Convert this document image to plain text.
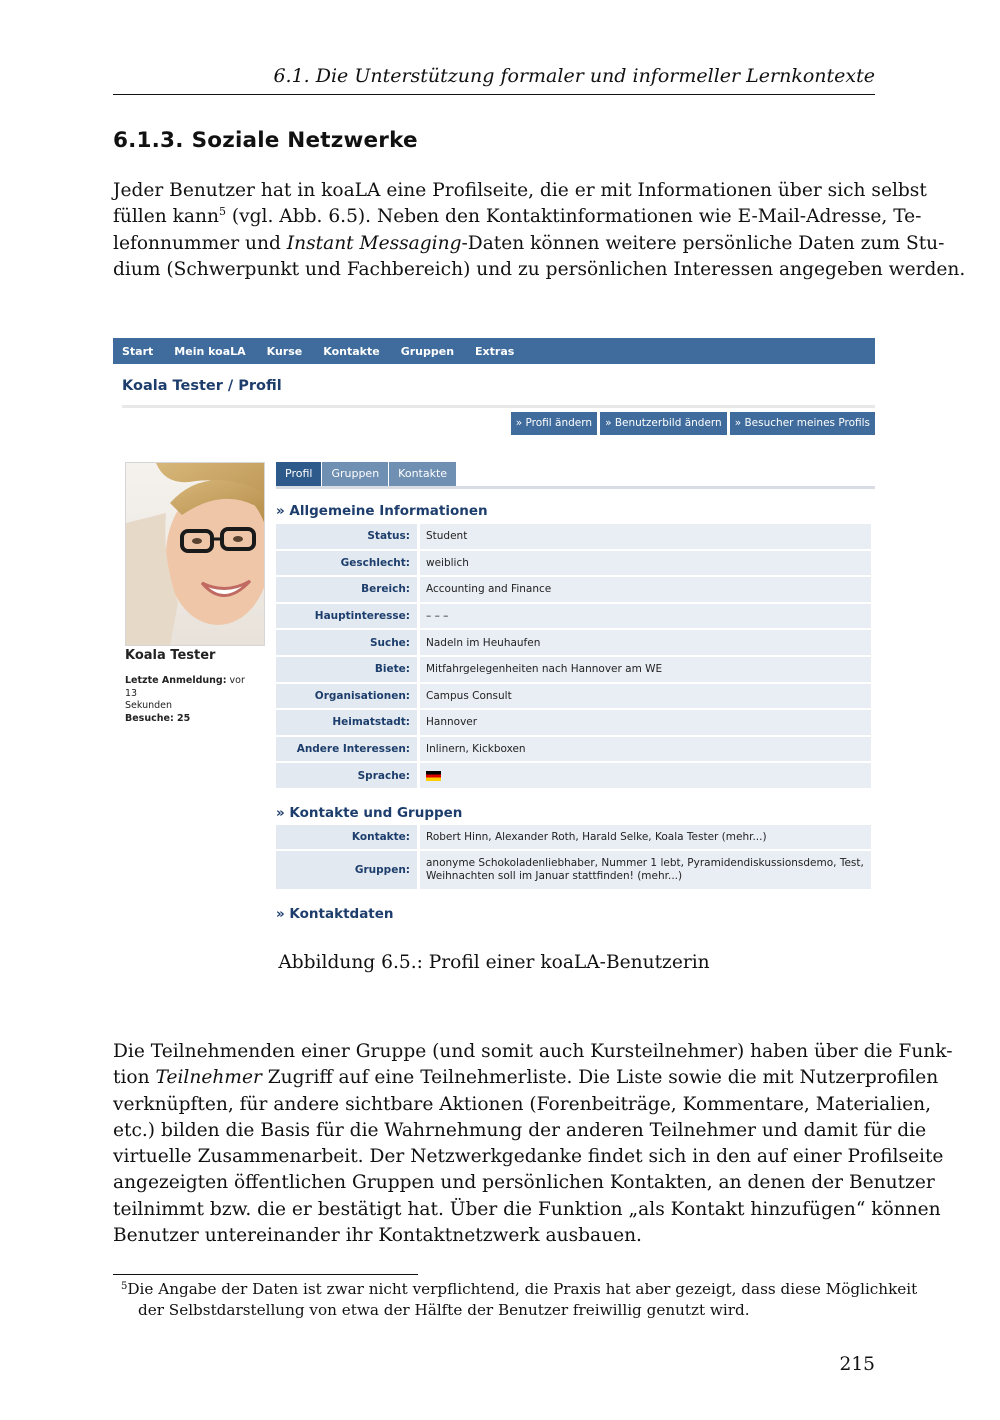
6.1. Die Unterstützung formaler und informeller Lernkontexte
6.1.3. Soziale Netzwerke

Jeder Benutzer hat in koaLA eine Profilseite, die er mit Informationen über sich selbst
füllen kann$^5$ (vgl. Abb. 6.5). Neben den Kontaktinformationen wie E-Mail-Adresse, Te-
lefonnummer und Instant Messaging-Daten können weitere persönliche Daten zum Stu-
dium (Schwerpunkt und Fachbereich) und zu persönlichen Interessen angegeben werden.

Start Mein koaLA Kurse Kontakte Gruppen Extras
Koala Tester / Profil
» Profil ändern	» Benutzerbild ändern	» Besucher meines Profils
Koala Tester
Letzte Anmeldung: vor 13
Sekunden
Besuche: 25
Profil	Gruppen	Kontakte
» Allgemeine Informationen
Status:	Student
Geschlecht:	weiblich
Bereich:	Accounting and Finance
Hauptinteresse:	– – –
Suche:	Nadeln im Heuhaufen
Biete:	Mitfahrgelegenheiten nach Hannover am WE
Organisationen:	Campus Consult
Heimatstadt:	Hannover
Andere Interessen:	Inlinern, Kickboxen
Sprache:	
» Kontakte und Gruppen
Kontakte:	Robert Hinn, Alexander Roth, Harald Selke, Koala Tester (mehr...)
Gruppen:	anonyme Schokoladenliebhaber, Nummer 1 lebt, Pyramidendiskussionsdemo, Test,
Weihnachten soll im Januar stattfinden! (mehr...)
» Kontaktdaten
Abbildung 6.5.: Profil einer koaLA-Benutzerin

Die Teilnehmenden einer Gruppe (und somit auch Kursteilnehmer) haben über die Funk-
tion Teilnehmer Zugriff auf eine Teilnehmerliste. Die Liste sowie die mit Nutzerprofilen
verknüpften, für andere sichtbare Aktionen (Forenbeiträge, Kommentare, Materialien,
etc.) bilden die Basis für die Wahrnehmung der anderen Teilnehmer und damit für die
virtuelle Zusammenarbeit. Der Netzwerkgedanke findet sich in den auf einer Profilseite
angezeigten öffentlichen Gruppen und persönlichen Kontakten, an denen der Benutzer
teilnimmt bzw. die er bestätigt hat. Über die Funktion „als Kontakt hinzufügen“ können
Benutzer untereinander ihr Kontaktnetzwerk ausbauen.

$^5$Die Angabe der Daten ist zwar nicht verpflichtend, die Praxis hat aber gezeigt, dass diese Möglichkeit
der Selbstdarstellung von etwa der Hälfte der Benutzer freiwillig genutzt wird.

215
